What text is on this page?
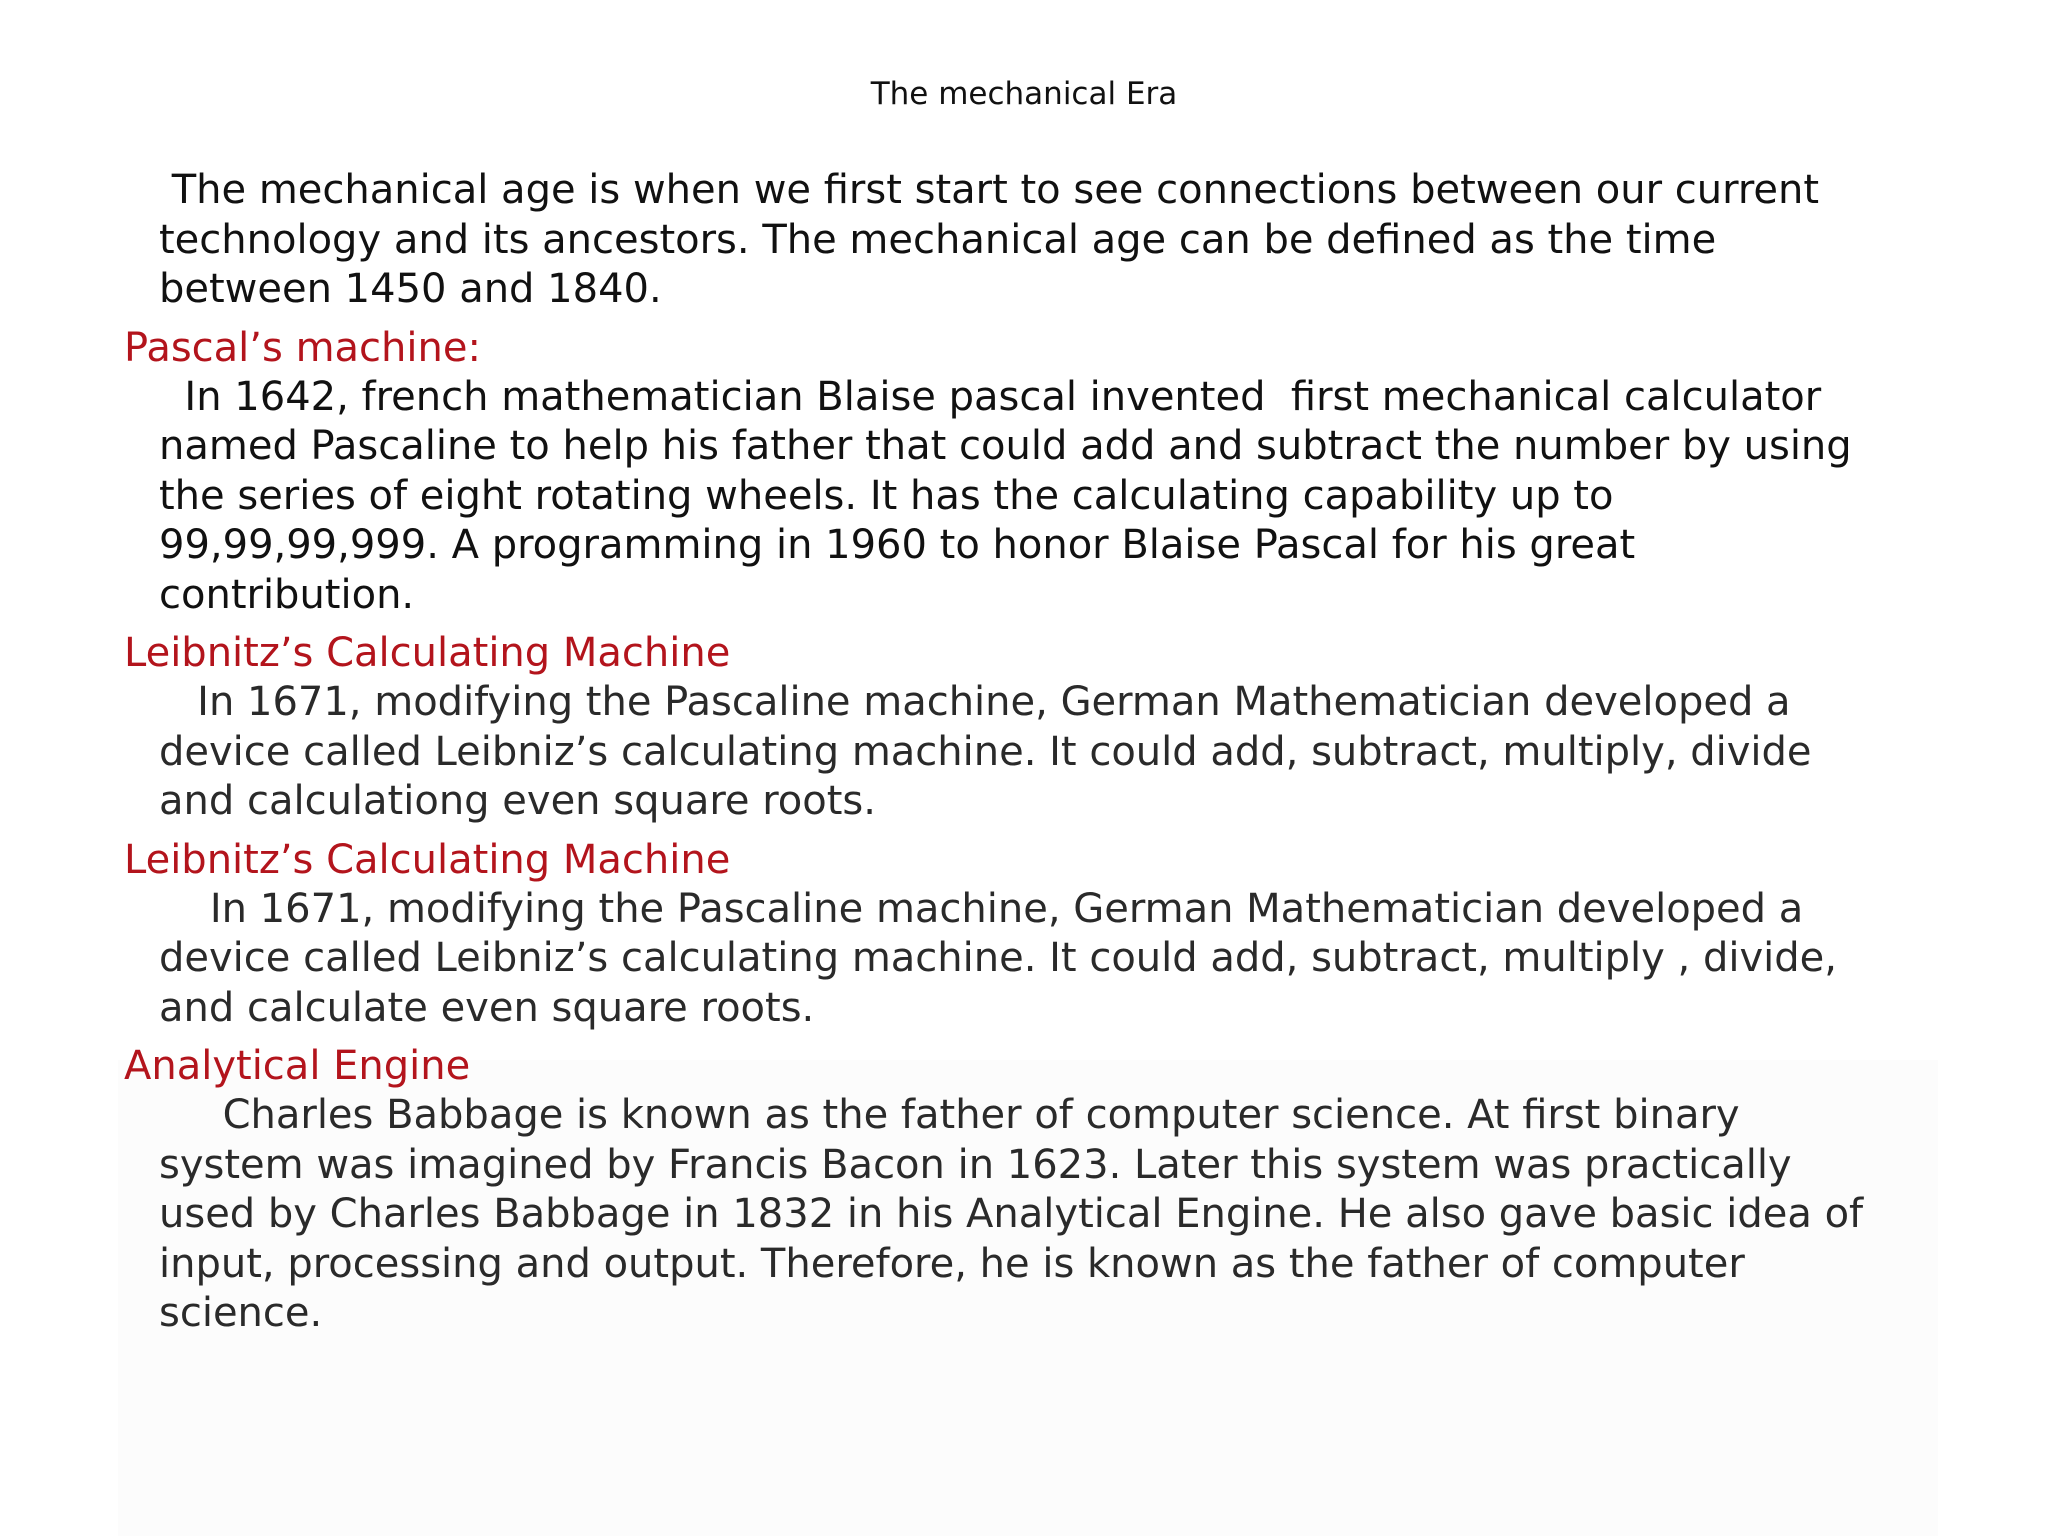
The mechanical Era
The mechanical age is when we first start to see connections between our current
technology and its ancestors. The mechanical age can be defined as the time
between 1450 and 1840.
Pascal’s machine:
In 1642, french mathematician Blaise pascal invented  first mechanical calculator
named Pascaline to help his father that could add and subtract the number by using
the series of eight rotating wheels. It has the calculating capability up to
99,99,99,999. A programming in 1960 to honor Blaise Pascal for his great
contribution.
Leibnitz’s Calculating Machine
In 1671, modifying the Pascaline machine, German Mathematician developed a
device called Leibniz’s calculating machine. It could add, subtract, multiply, divide
and calculationg even square roots.
Leibnitz’s Calculating Machine
In 1671, modifying the Pascaline machine, German Mathematician developed a
device called Leibniz’s calculating machine. It could add, subtract, multiply , divide,
and calculate even square roots.
Analytical Engine
Charles Babbage is known as the father of computer science. At first binary
system was imagined by Francis Bacon in 1623. Later this system was practically
used by Charles Babbage in 1832 in his Analytical Engine. He also gave basic idea of
input, processing and output. Therefore, he is known as the father of computer
science.
